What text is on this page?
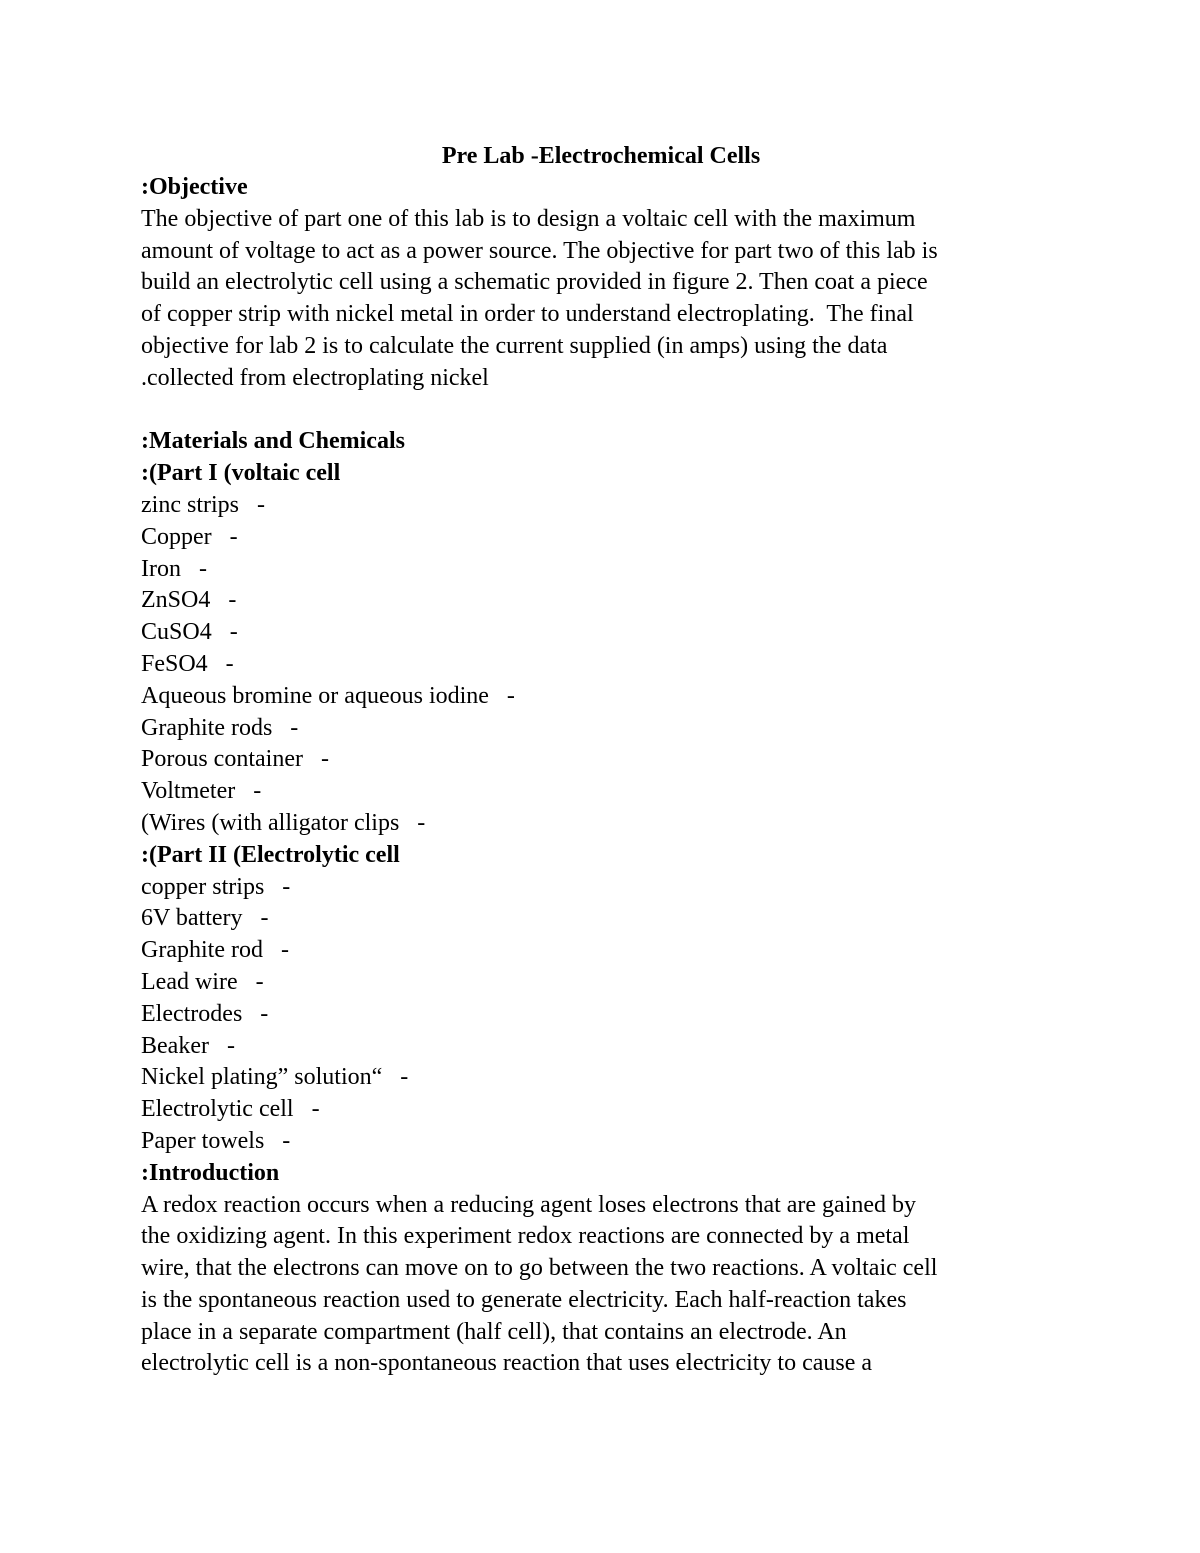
Pre Lab -Electrochemical Cells
:Objective
The objective of part one of this lab is to design a voltaic cell with the maximum
amount of voltage to act as a power source. The objective for part two of this lab is
build an electrolytic cell using a schematic provided in figure 2. Then coat a piece
of copper strip with nickel metal in order to understand electroplating.  The final
objective for lab 2 is to calculate the current supplied (in amps) using the data
.collected from electroplating nickel
:Materials and Chemicals
:(Part I (voltaic cell
zinc strips   -
Copper   -
Iron   -
ZnSO4   -
CuSO4   -
FeSO4   -
Aqueous bromine or aqueous iodine   -
Graphite rods   -
Porous container   -
Voltmeter   -
(Wires (with alligator clips   -
:(Part II (Electrolytic cell
copper strips   -
6V battery   -
Graphite rod   -
Lead wire   -
Electrodes   -
Beaker   -
Nickel plating” solution“   -
Electrolytic cell   -
Paper towels   -
:Introduction
A redox reaction occurs when a reducing agent loses electrons that are gained by
the oxidizing agent. In this experiment redox reactions are connected by a metal
wire, that the electrons can move on to go between the two reactions. A voltaic cell
is the spontaneous reaction used to generate electricity. Each half-reaction takes
place in a separate compartment (half cell), that contains an electrode. An
electrolytic cell is a non-spontaneous reaction that uses electricity to cause a
